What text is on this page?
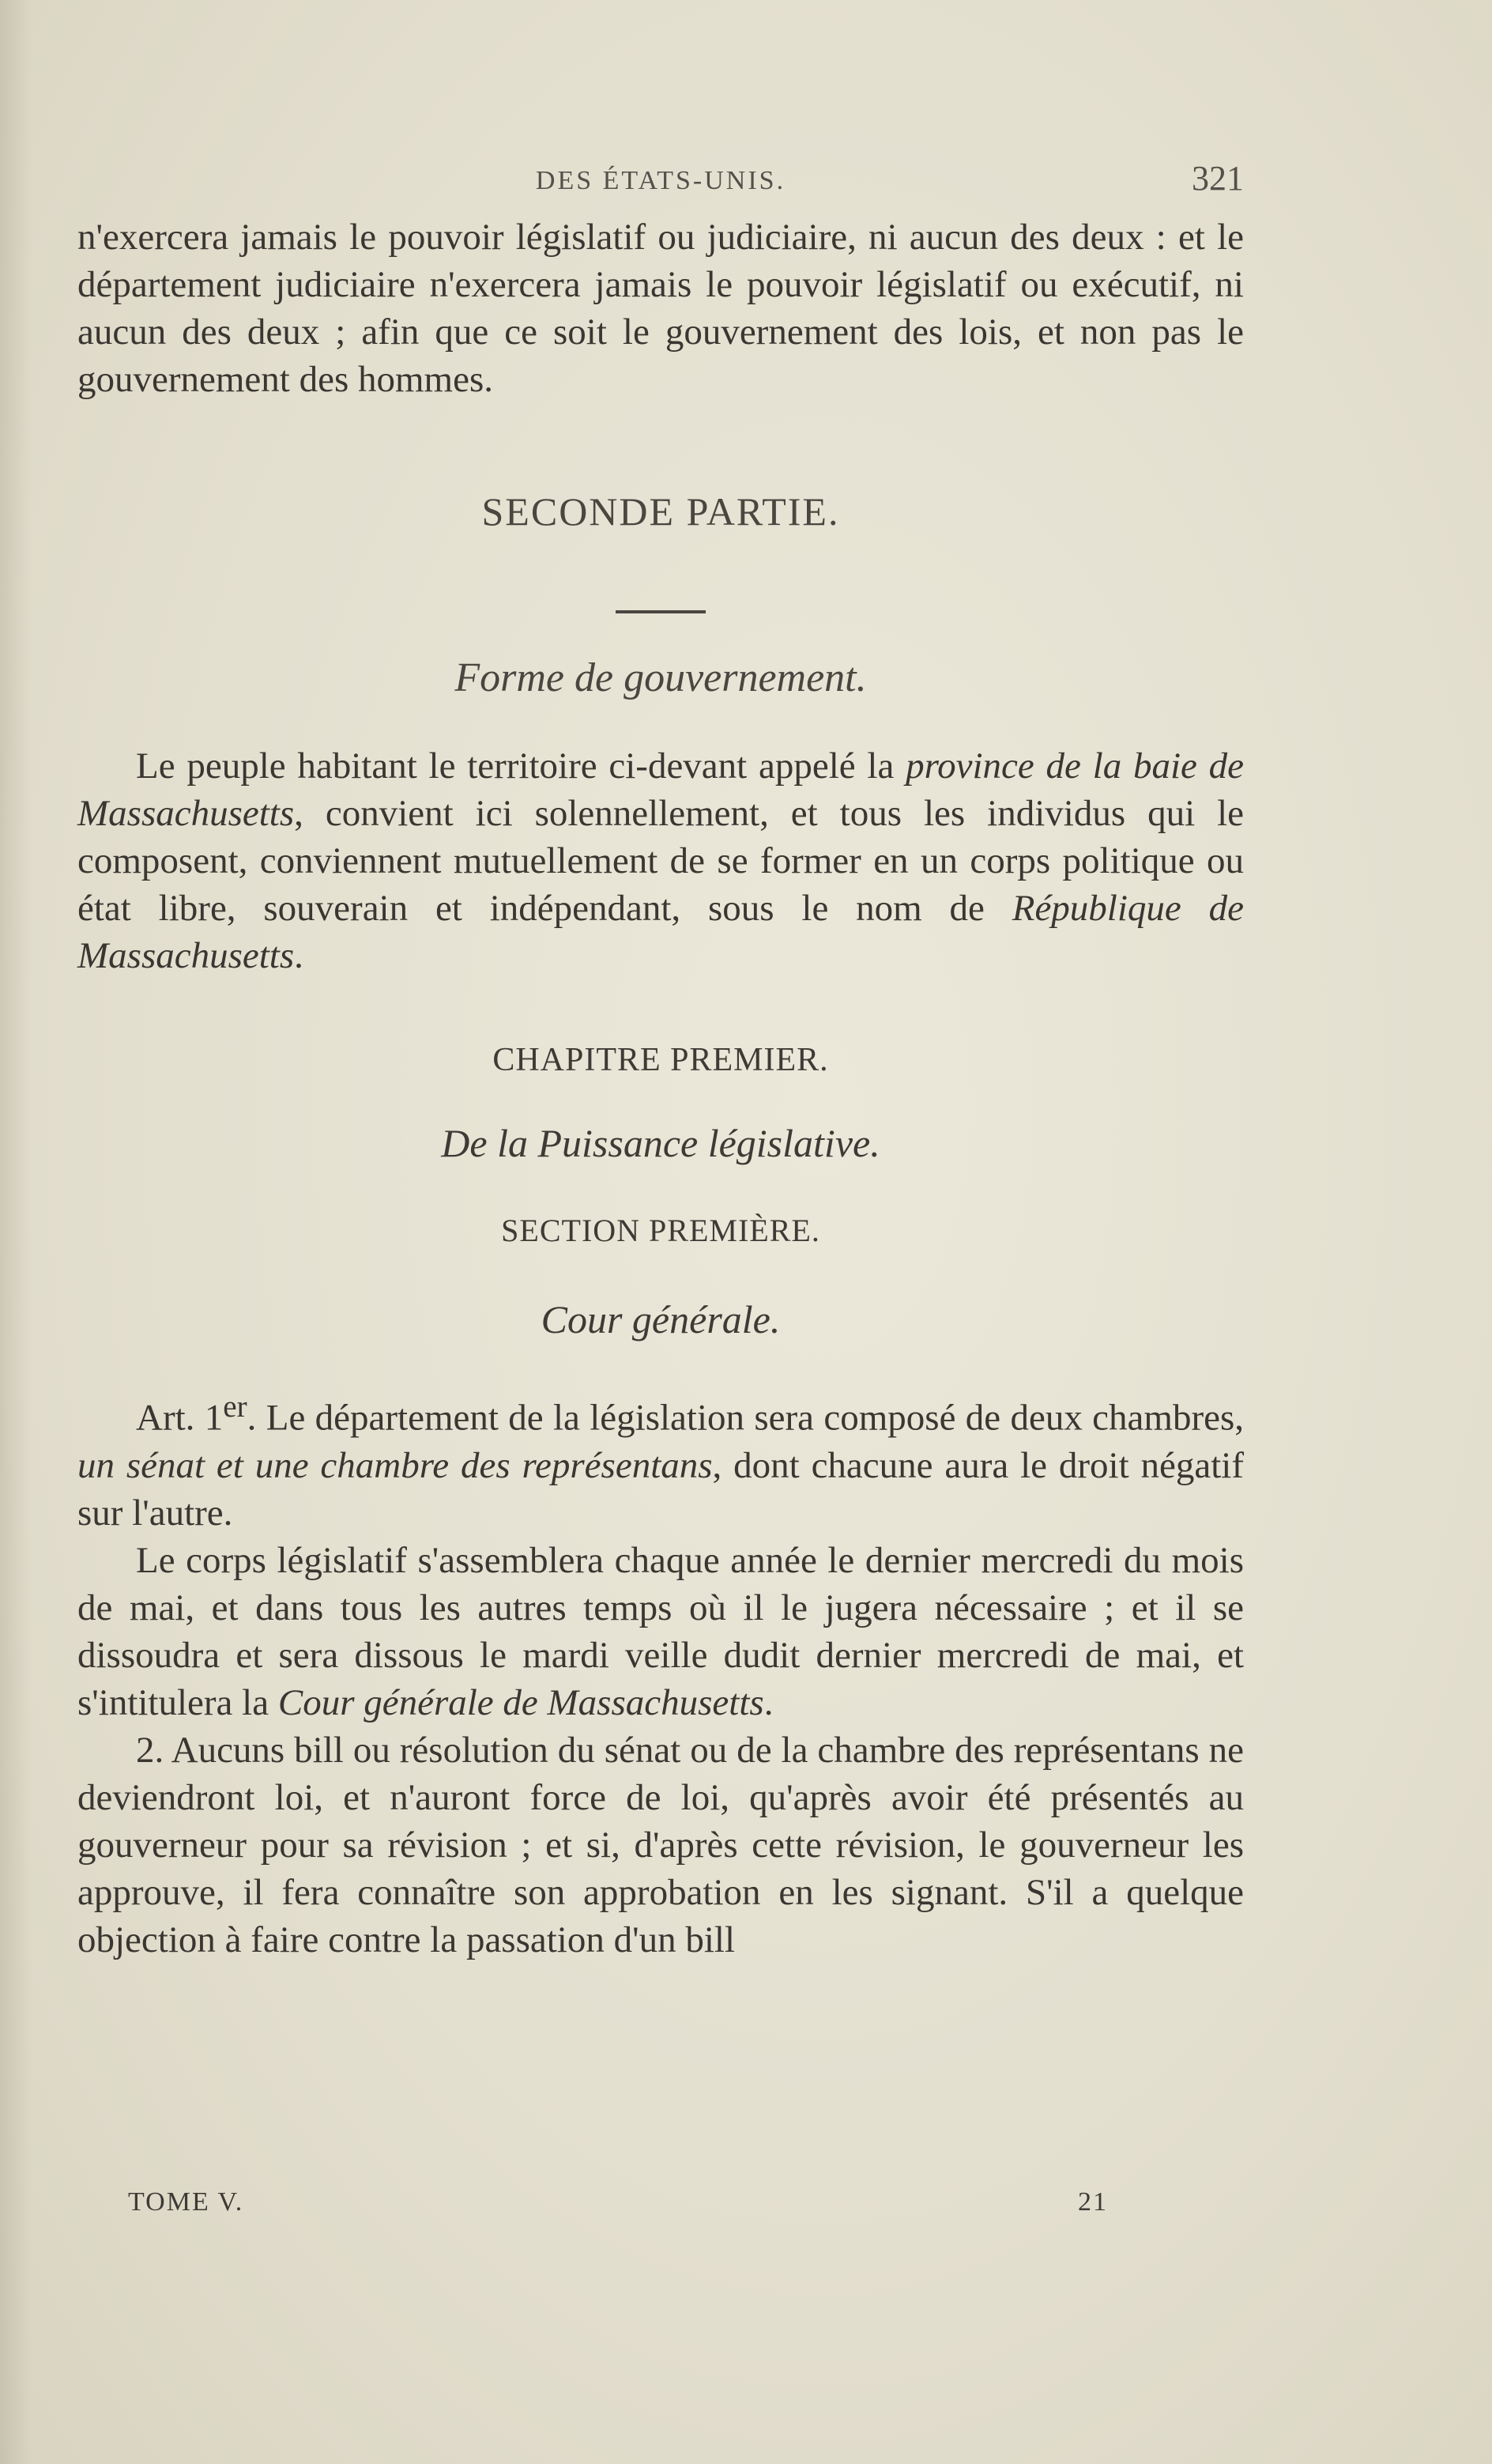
DES ÉTATS-UNIS.	321

n'exercera jamais le pouvoir législatif ou judiciaire, ni aucun des deux : et le département judiciaire n'exercera jamais le pouvoir législatif ou exécutif, ni aucun des deux ; afin que ce soit le gouvernement des lois, et non pas le gouvernement des hommes.

SECONDE PARTIE.
Forme de gouvernement.

Le peuple habitant le territoire ci-devant appelé la province de la baie de Massachusetts, convient ici solennellement, et tous les individus qui le composent, conviennent mutuellement de se former en un corps politique ou état libre, souverain et indépendant, sous le nom de République de Massachusetts.

CHAPITRE PREMIER.
De la Puissance législative.
SECTION PREMIÈRE.
Cour générale.

Art. 1er. Le département de la législation sera composé de deux chambres, un sénat et une chambre des représentans, dont chacune aura le droit négatif sur l'autre.

Le corps législatif s'assemblera chaque année le dernier mercredi du mois de mai, et dans tous les autres temps où il le jugera nécessaire ; et il se dissoudra et sera dissous le mardi veille dudit dernier mercredi de mai, et s'intitulera la Cour générale de Massachusetts.

2. Aucuns bill ou résolution du sénat ou de la chambre des représentans ne deviendront loi, et n'auront force de loi, qu'après avoir été présentés au gouverneur pour sa révision ; et si, d'après cette révision, le gouverneur les approuve, il fera connaître son approbation en les signant. S'il a quelque objection à faire contre la passation d'un bill

TOME V.	21
